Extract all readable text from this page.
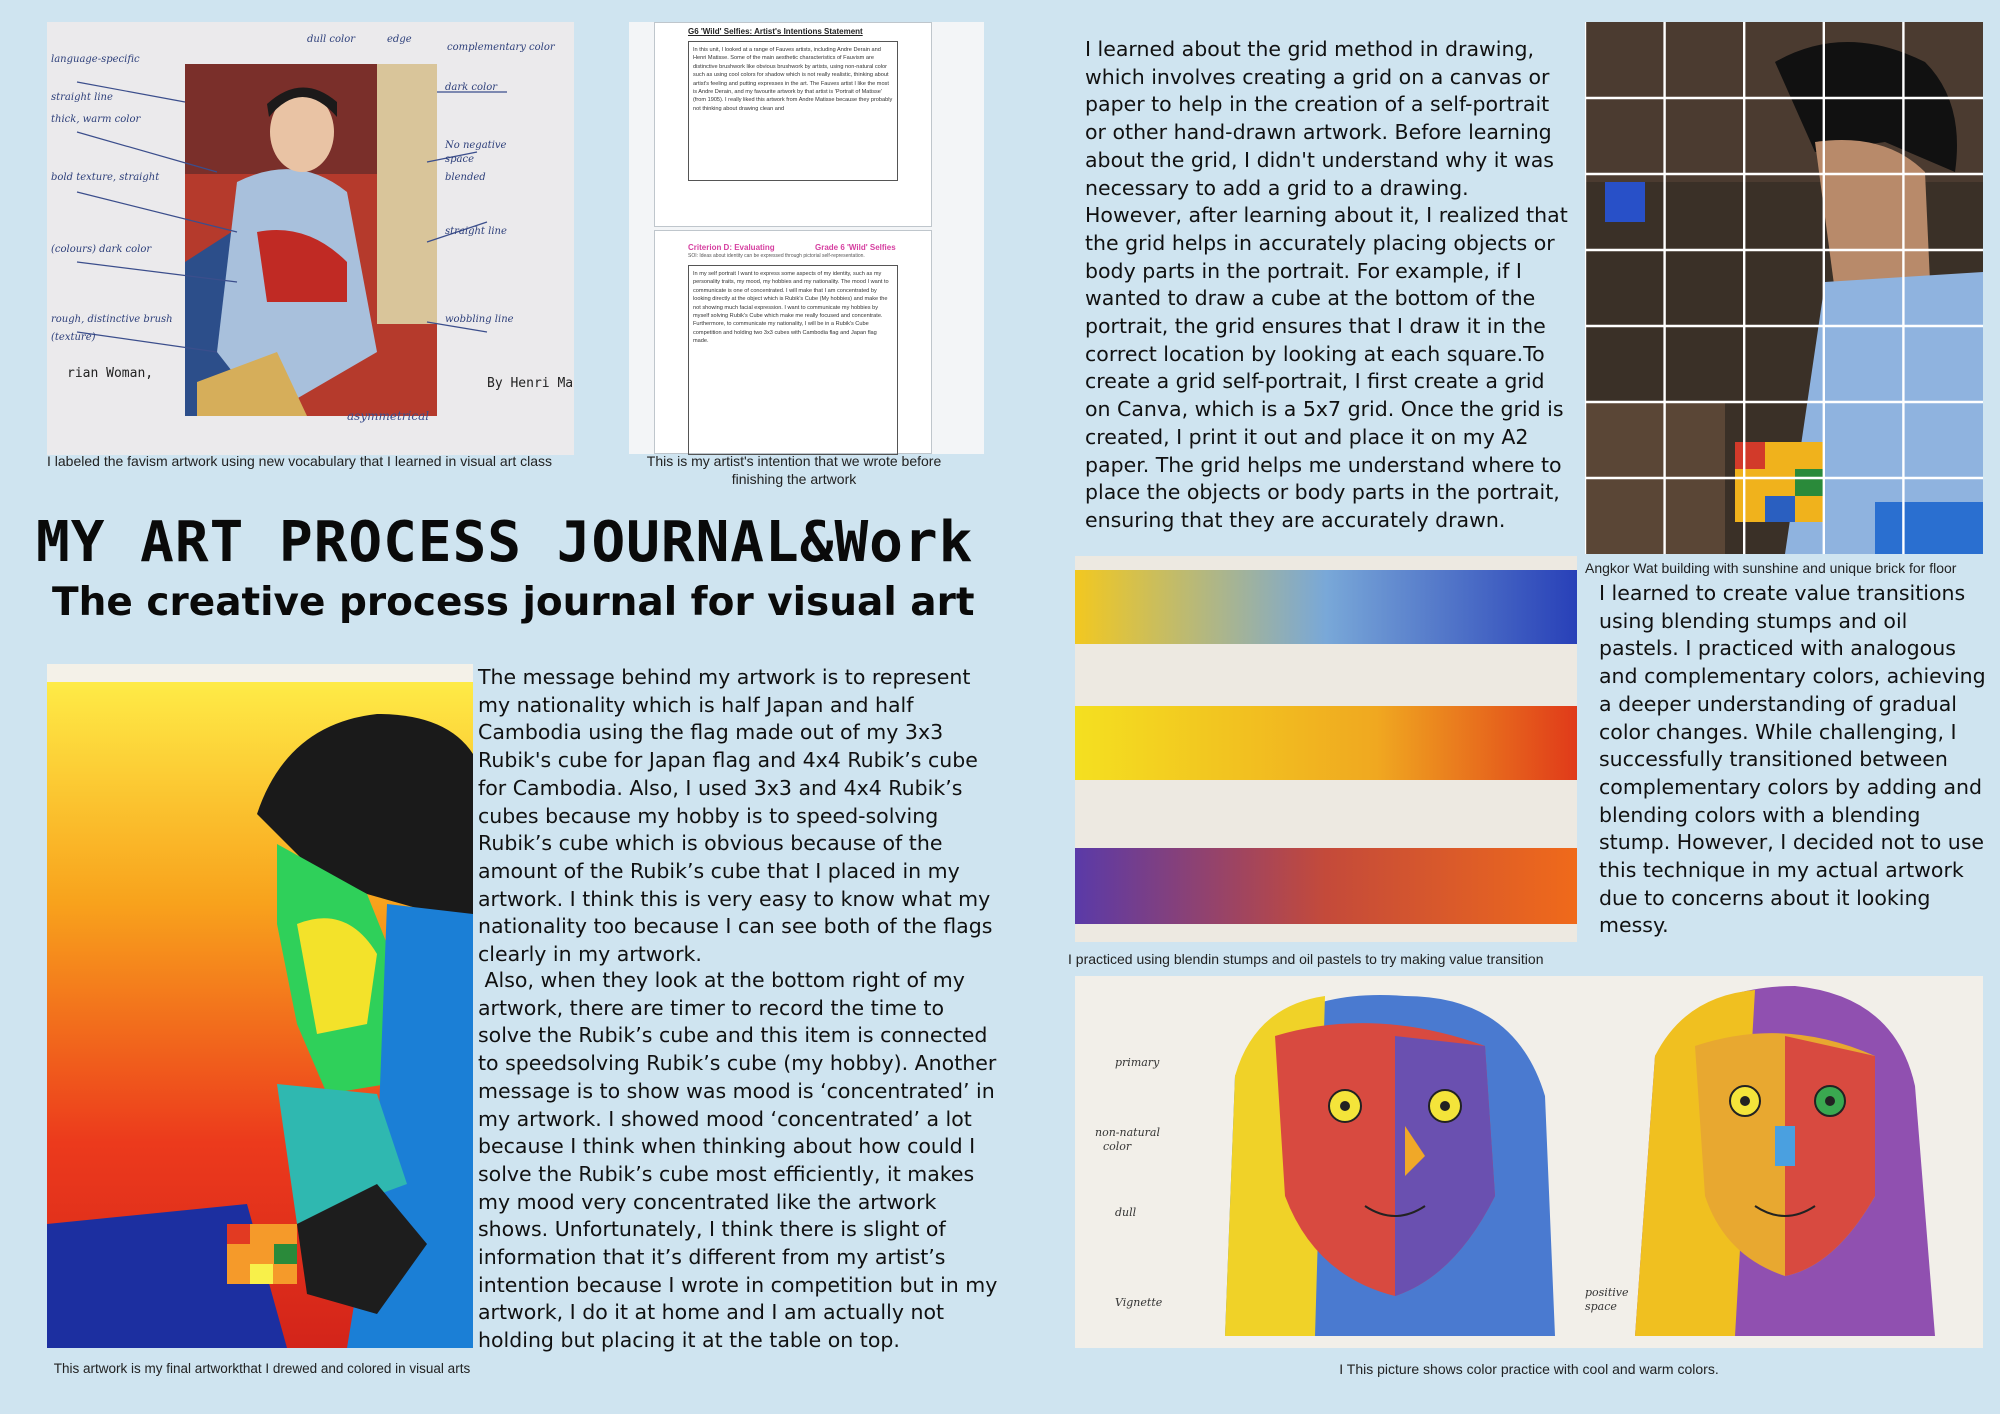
language-specific
straight line
thick, warm color
bold texture, straight
(colours) dark color
rough, distinctive brush
(texture)
dark color
No negative
space
blended
straight line
wobbling line
dull color	edge
complementary color
rian Woman,
By Henri Ma
asymmetrical
I labeled the favism artwork using new vocabulary that I learned in visual art class
G6 'Wild' Selfies: Artist's Intentions Statement
In this unit, I looked at a range of Fauves artists, including Andre Derain and Henri Matisse. Some of the main aesthetic characteristics of Fauvism are distinctive brushwork like obvious brushwork by artists, using non-natural color such as using cool colors for shadow which is not really realistic, thinking about artist's feeling and putting expresses in the art. The Fauves artist I like the most is Andre Derain, and my favourite artwork by that artist is 'Portrait of Matisse' (from 1905). I really liked this artwork from Andre Matisse because they probably not thinking about drawing clean and
Criterion D: Evaluating	Grade 6 'Wild' Selfies
SOI: Ideas about identity can be expressed through pictorial self-representation.
In my self portrait I want to express some aspects of my identity, such as my personality traits, my mood, my hobbies and my nationality. The mood I want to communicate is one of concentrated. I will make that I am concentrated by looking directly at the object which is Rubik's Cube (My hobbies) and make the not showing much facial expression. I want to communicate my hobbies by myself solving Rubik's Cube which make me really focused and concentrate. Furthermore, to communicate my nationality, I will be in a Rubik's Cube competition and holding two 3x3 cubes with Cambodia flag and Japan flag made.
This is my artist's intention that we wrote before finishing the artwork
MY ART PROCESS JOURNAL&Work
The creative process journal for visual art
This artwork is my final artworkthat I drewed and colored in visual arts
The message behind my artwork is to represent my nationality which is half Japan and half Cambodia using the flag made out of my 3x3 Rubik's cube for Japan flag and 4x4 Rubik’s cube for Cambodia. Also, I used 3x3 and 4x4 Rubik’s cubes because my hobby is to speed-solving Rubik’s cube which is obvious because of the amount of the Rubik’s cube that I placed in my artwork. I think this is very easy to know what my nationality too because I can see both of the flags clearly in my artwork.
Also, when they look at the bottom right of my artwork, there are timer to record the time to solve the Rubik’s cube and this item is connected to speedsolving Rubik’s cube (my hobby). Another message is to show was mood is ‘concentrated’ in my artwork. I showed mood ‘concentrated’ a lot because I think when thinking about how could I solve the Rubik’s cube most efficiently, it makes my mood very concentrated like the artwork shows. Unfortunately, I think there is slight of information that it’s different from my artist’s intention because I wrote in competition but in my artwork, I do it at home and I am actually not holding but placing it at the table on top.
I learned about the grid method in drawing, which involves creating a grid on a canvas or paper to help in the creation of a self-portrait or other hand-drawn artwork. Before learning about the grid, I didn't understand why it was necessary to add a grid to a drawing. However, after learning about it, I realized that the grid helps in accurately placing objects or body parts in the portrait. For example, if I wanted to draw a cube at the bottom of the portrait, the grid ensures that I draw it in the correct location by looking at each square.To create a grid self-portrait, I first create a grid on Canva, which is a 5x7 grid. Once the grid is created, I print it out and place it on my A2 paper. The grid helps me understand where to place the objects or body parts in the portrait, ensuring that they are accurately drawn.
Angkor Wat building with sunshine and unique brick for floor
I practiced using blendin stumps and oil pastels to try making value transition
I learned to create value transitions using blending stumps and oil pastels. I practiced with analogous and complementary colors, achieving a deeper understanding of gradual color changes. While challenging, I successfully transitioned between complementary colors by adding and blending colors with a blending stump. However, I decided not to use this technique in my actual artwork due to concerns about it looking messy.
primary
non-natural
color
dull
Vignette
positive
space
I This picture shows color practice with cool and warm colors.
